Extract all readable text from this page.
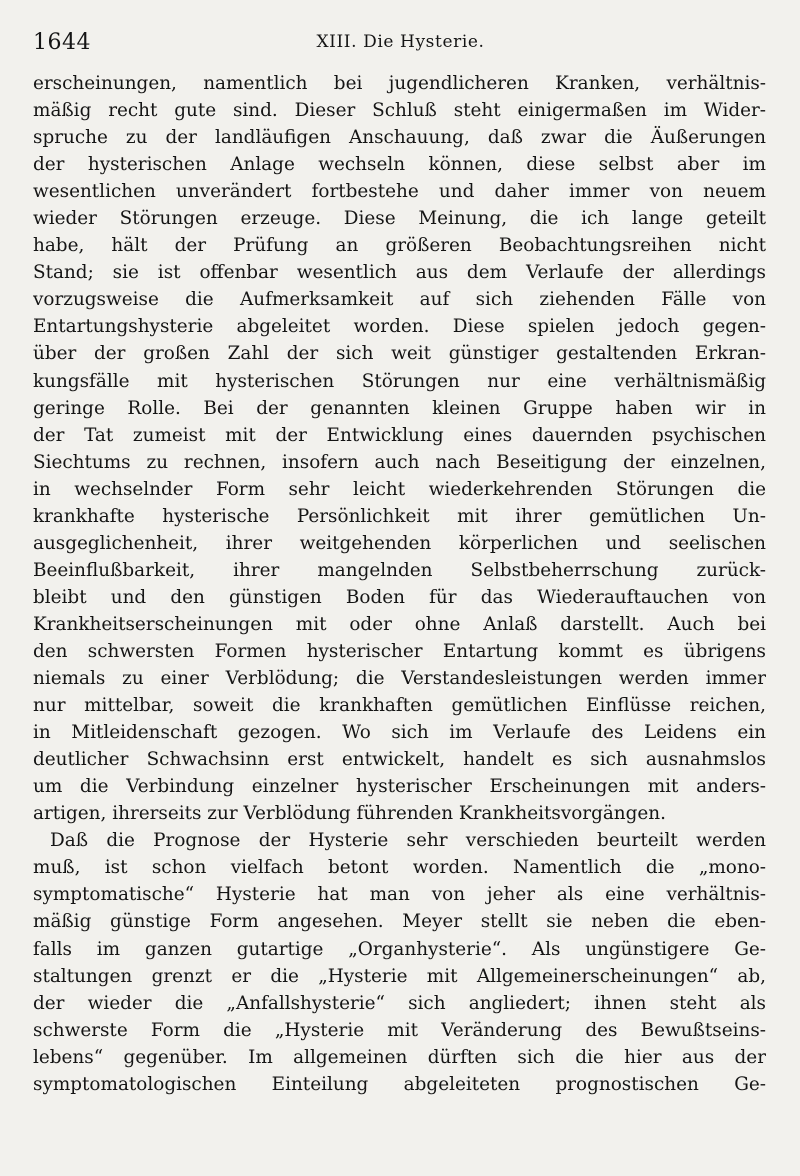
1644	XIII. Die Hysterie.
erscheinungen, namentlich bei jugendlicheren Kranken, verhältnis-
mäßig recht gute sind. Dieser Schluß steht einigermaßen im Wider-
spruche zu der landläufigen Anschauung, daß zwar die Äußerungen
der hysterischen Anlage wechseln können, diese selbst aber im
wesentlichen unverändert fortbestehe und daher immer von neuem
wieder Störungen erzeuge. Diese Meinung, die ich lange geteilt
habe, hält der Prüfung an größeren Beobachtungsreihen nicht
Stand; sie ist offenbar wesentlich aus dem Verlaufe der allerdings
vorzugsweise die Aufmerksamkeit auf sich ziehenden Fälle von
Entartungshysterie abgeleitet worden. Diese spielen jedoch gegen-
über der großen Zahl der sich weit günstiger gestaltenden Erkran-
kungsfälle mit hysterischen Störungen nur eine verhältnismäßig
geringe Rolle. Bei der genannten kleinen Gruppe haben wir in
der Tat zumeist mit der Entwicklung eines dauernden psychischen
Siechtums zu rechnen, insofern auch nach Beseitigung der einzelnen,
in wechselnder Form sehr leicht wiederkehrenden Störungen die
krankhafte hysterische Persönlichkeit mit ihrer gemütlichen Un-
ausgeglichenheit, ihrer weitgehenden körperlichen und seelischen
Beeinflußbarkeit, ihrer mangelnden Selbstbeherrschung zurück-
bleibt und den günstigen Boden für das Wiederauftauchen von
Krankheitserscheinungen mit oder ohne Anlaß darstellt. Auch bei
den schwersten Formen hysterischer Entartung kommt es übrigens
niemals zu einer Verblödung; die Verstandesleistungen werden immer
nur mittelbar, soweit die krankhaften gemütlichen Einflüsse reichen,
in Mitleidenschaft gezogen. Wo sich im Verlaufe des Leidens ein
deutlicher Schwachsinn erst entwickelt, handelt es sich ausnahmslos
um die Verbindung einzelner hysterischer Erscheinungen mit anders-
artigen, ihrerseits zur Verblödung führenden Krankheitsvorgängen.
Daß die Prognose der Hysterie sehr verschieden beurteilt werden
muß, ist schon vielfach betont worden. Namentlich die „mono-
symptomatische“ Hysterie hat man von jeher als eine verhältnis-
mäßig günstige Form angesehen. Meyer stellt sie neben die eben-
falls im ganzen gutartige „Organhysterie“. Als ungünstigere Ge-
staltungen grenzt er die „Hysterie mit Allgemeinerscheinungen“ ab,
der wieder die „Anfallshysterie“ sich angliedert; ihnen steht als
schwerste Form die „Hysterie mit Veränderung des Bewußtseins-
lebens“ gegenüber. Im allgemeinen dürften sich die hier aus der
symptomatologischen Einteilung abgeleiteten prognostischen Ge-
